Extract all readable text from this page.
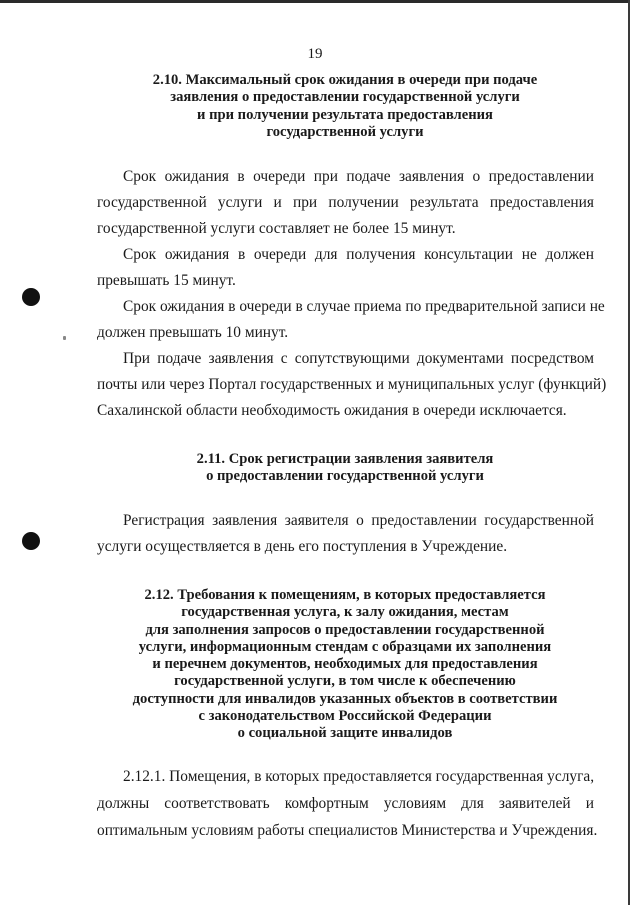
19
2.10. Максимальный срок ожидания в очереди при подаче
заявления о предоставлении государственной услуги
и при получении результата предоставления
государственной услуги
Срок ожидания в очереди при подаче заявления о предоставлении
государственной услуги и при получении результата предоставления
государственной услуги составляет не более 15 минут.
Срок ожидания в очереди для получения консультации не должен
превышать 15 минут.
Срок ожидания в очереди в случае приема по предварительной записи не
должен превышать 10 минут.
При подаче заявления с сопутствующими документами посредством
почты или через Портал государственных и муниципальных услуг (функций)
Сахалинской области необходимость ожидания в очереди исключается.
2.11. Срок регистрации заявления заявителя
о предоставлении государственной услуги
Регистрация заявления заявителя о предоставлении государственной
услуги осуществляется в день его поступления в Учреждение.
2.12. Требования к помещениям, в которых предоставляется
государственная услуга, к залу ожидания, местам
для заполнения запросов о предоставлении государственной
услуги, информационным стендам с образцами их заполнения
и перечнем документов, необходимых для предоставления
государственной услуги, в том числе к обеспечению
доступности для инвалидов указанных объектов в соответствии
с законодательством Российской Федерации
о социальной защите инвалидов
2.12.1. Помещения, в которых предоставляется государственная услуга,
должны соответствовать комфортным условиям для заявителей и
оптимальным условиям работы специалистов Министерства и Учреждения.
